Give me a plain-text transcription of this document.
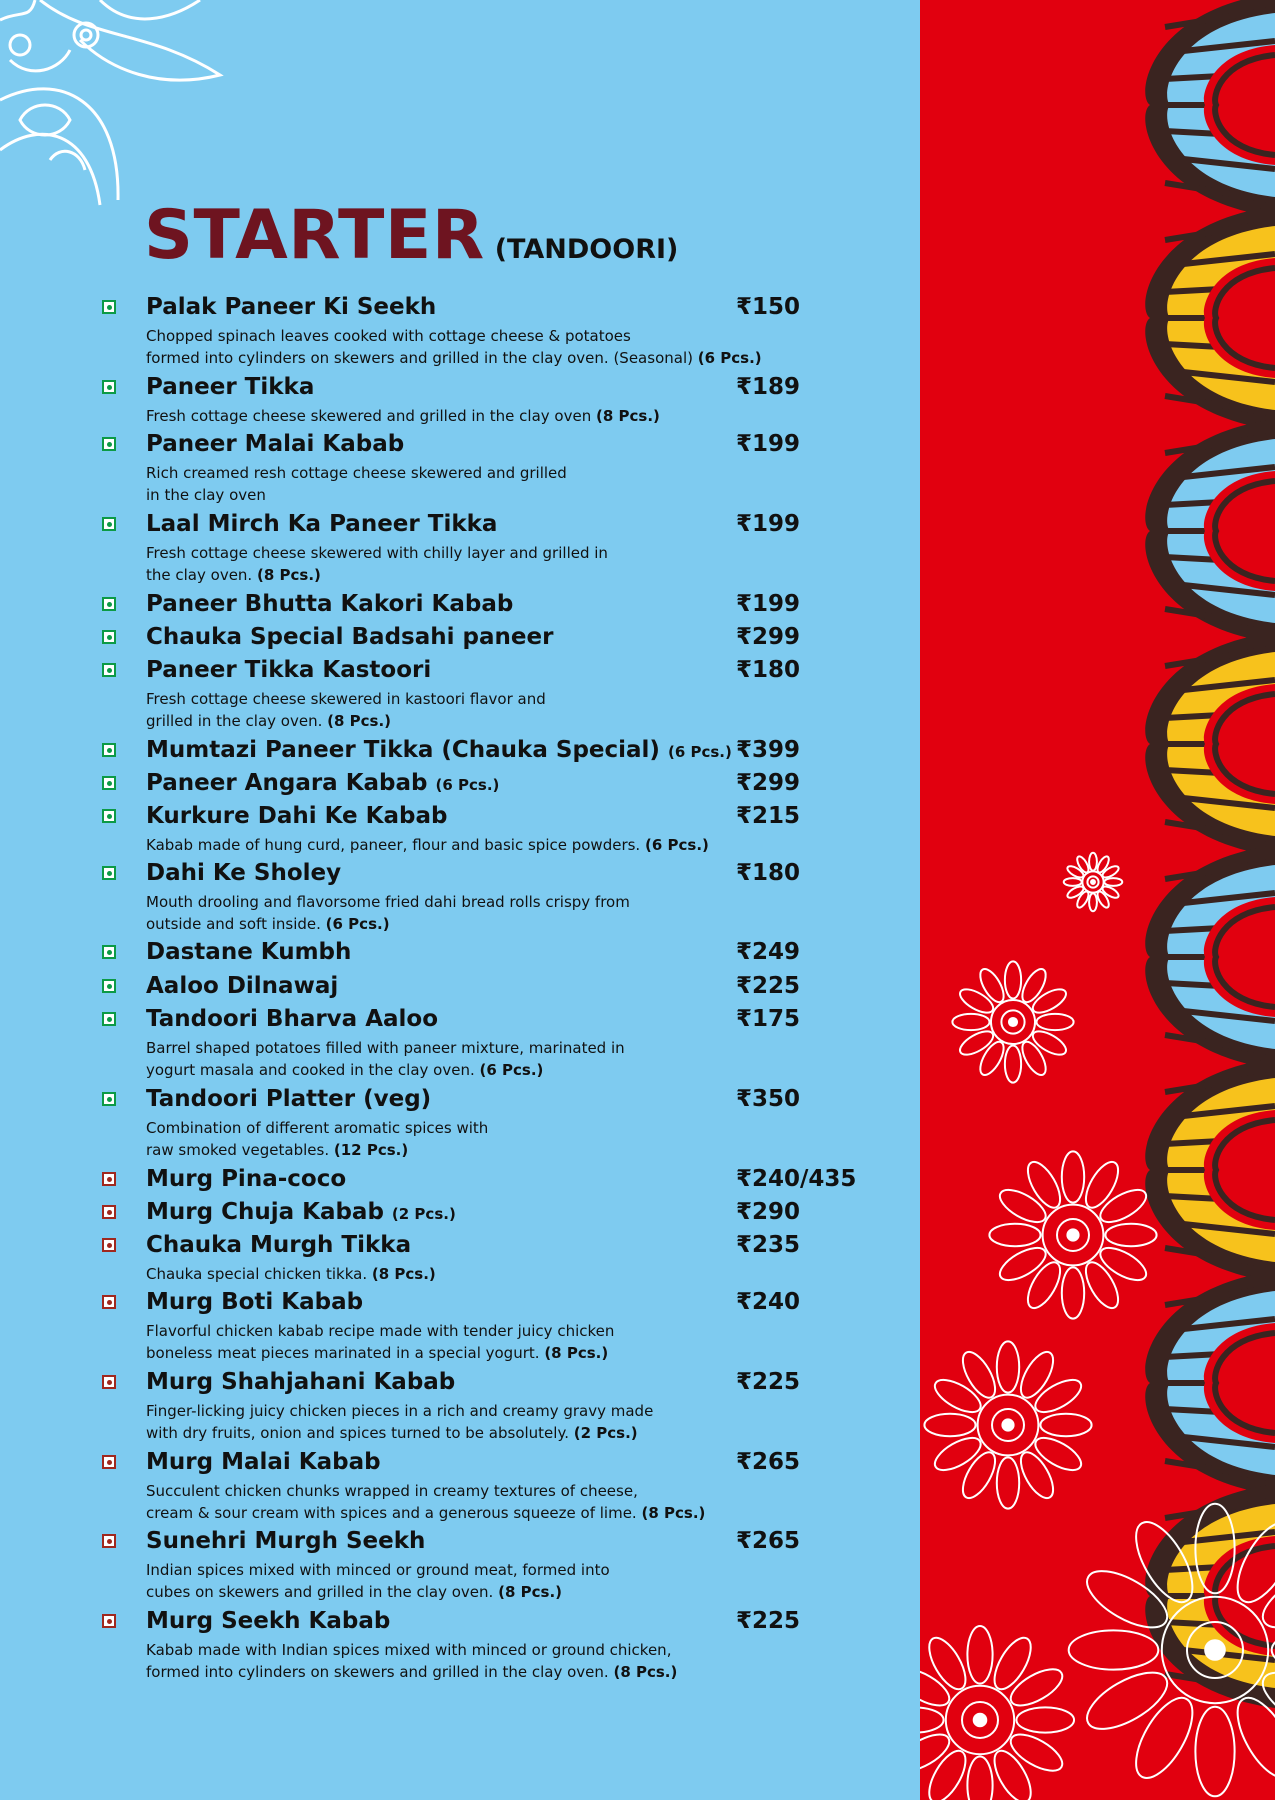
STARTER (TANDOORI)
Palak Paneer Ki Seekh	₹150
Chopped spinach leaves cooked with cottage cheese & potatoes
formed into cylinders on skewers and grilled in the clay oven. (Seasonal) (6 Pcs.)
Paneer Tikka	₹189
Fresh cottage cheese skewered and grilled in the clay oven (8 Pcs.)
Paneer Malai Kabab	₹199
Rich creamed resh cottage cheese skewered and grilled
in the clay oven
Laal Mirch Ka Paneer Tikka	₹199
Fresh cottage cheese skewered with chilly layer and grilled in
the clay oven. (8 Pcs.)
Paneer Bhutta Kakori Kabab	₹199
Chauka Special Badsahi paneer	₹299
Paneer Tikka Kastoori	₹180
Fresh cottage cheese skewered in kastoori flavor and
grilled in the clay oven. (8 Pcs.)
Mumtazi Paneer Tikka (Chauka Special) (6 Pcs.) ₹399
Paneer Angara Kabab (6 Pcs.)	₹299
Kurkure Dahi Ke Kabab	₹215
Kabab made of hung curd, paneer, flour and basic spice powders. (6 Pcs.)
Dahi Ke Sholey	₹180
Mouth drooling and flavorsome fried dahi bread rolls crispy from
outside and soft inside. (6 Pcs.)
Dastane Kumbh	₹249
Aaloo Dilnawaj	₹225
Tandoori Bharva Aaloo	₹175
Barrel shaped potatoes filled with paneer mixture, marinated in
yogurt masala and cooked in the clay oven. (6 Pcs.)
Tandoori Platter (veg)	₹350
Combination of different aromatic spices with
raw smoked vegetables. (12 Pcs.)
Murg Pina-coco	₹240/435
Murg Chuja Kabab (2 Pcs.)	₹290
Chauka Murgh Tikka	₹235
Chauka special chicken tikka. (8 Pcs.)
Murg Boti Kabab	₹240
Flavorful chicken kabab recipe made with tender juicy chicken
boneless meat pieces marinated in a special yogurt. (8 Pcs.)
Murg Shahjahani Kabab	₹225
Finger-licking juicy chicken pieces in a rich and creamy gravy made
with dry fruits, onion and spices turned to be absolutely. (2 Pcs.)
Murg Malai Kabab	₹265
Succulent chicken chunks wrapped in creamy textures of cheese,
cream & sour cream with spices and a generous squeeze of lime. (8 Pcs.)
Sunehri Murgh Seekh	₹265
Indian spices mixed with minced or ground meat, formed into
cubes on skewers and grilled in the clay oven. (8 Pcs.)
Murg Seekh Kabab	₹225
Kabab made with Indian spices mixed with minced or ground chicken,
formed into cylinders on skewers and grilled in the clay oven. (8 Pcs.)
